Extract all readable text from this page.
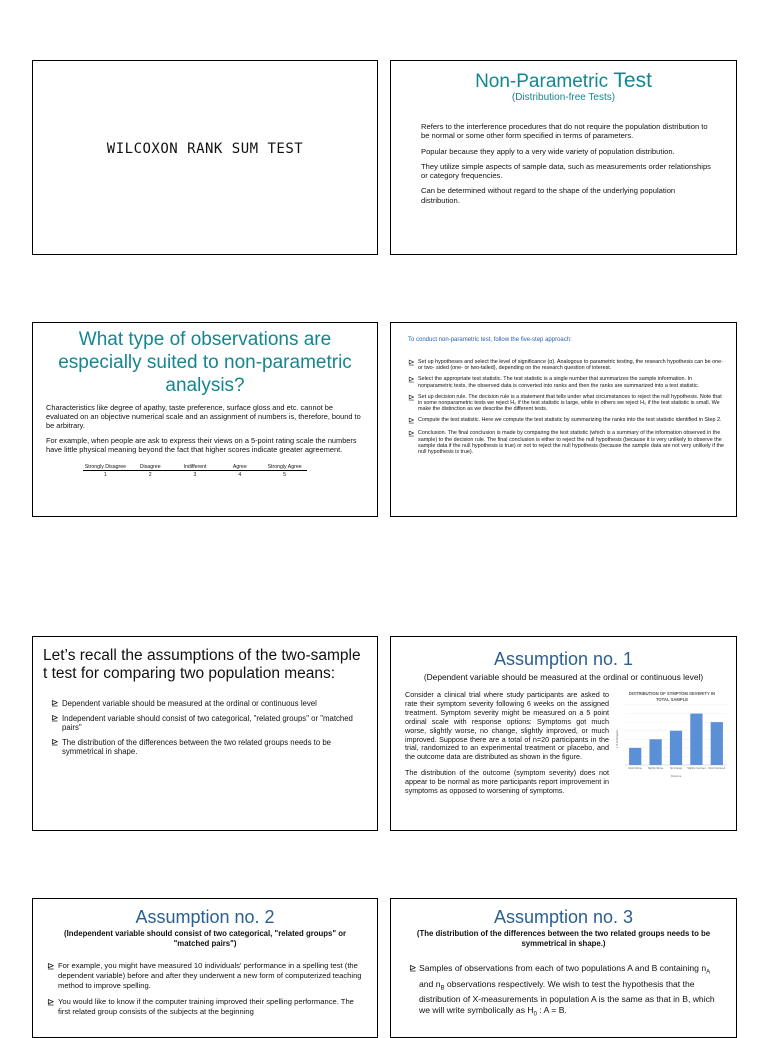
WILCOXON RANK SUM TEST
Non-Parametric Test
(Distribution-free Tests)

Refers to the interference procedures that do not require the population distribution to be normal or some other form specified in terms of parameters.

Popular because they apply to a very wide variety of population distribution.

They utilize simple aspects of sample data, such as measurements order relationships or category frequencies.

Can be determined without regard to the shape of the underlying population distribution.

What type of observations are especially suited to non-parametric analysis?

Characteristics like degree of apathy, taste preference, surface gloss and etc. cannot be evaluated on an objective numerical scale and an assignment of numbers is, therefore, bound to be arbitrary.

For example, when people are ask to express their views on a 5-point rating scale the numbers have little physical meaning beyond the fact that higher scores indicate greater agreement.

Strongly Disagree	Disagree	Indifferent	Agree	Strongly Agree
1	2	3	4	5
To conduct non-parametric test, follow the five-step approach:
⊵ Set up hypotheses and select the level of significance (α). Analogous to parametric testing, the research hypothesis can be one- or two- sided (one- or two-tailed), depending on the research question of interest.
⊵ Select the appropriate test statistic. The test statistic is a single number that summarizes the sample information. In nonparametric tests, the observed data is converted into ranks and then the ranks are summarized into a test statistic.
⊵ Set up decision rule. The decision rule is a statement that tells under what circumstances to reject the null hypothesis. Note that in some nonparametric tests we reject H₀ if the test statistic is large, while in others we reject H₀ if the test statistic is small. We make the distinction as we describe the different tests.
⊵ Compute the test statistic. Here we compute the test statistic by summarizing the ranks into the test statistic identified in Step 2.
⊵ Conclusion. The final conclusion is made by comparing the test statistic (which is a summary of the information observed in the sample) to the decision rule. The final conclusion is either to reject the null hypothesis (because it is very unlikely to observe the sample data if the null hypothesis is true) or not to reject the null hypothesis (because the sample data are not very unlikely if the null hypothesis is true).
Let’s recall the assumptions of the two-sample t test for comparing two population means:
⊵ Dependent variable should be measured at the ordinal or continuous level
⊵ Independent variable should consist of two categorical, "related groups" or "matched pairs"
⊵ The distribution of the differences between the two related groups needs to be symmetrical in shape.
Assumption no. 1
(Dependent variable should be measured at the ordinal or continuous level)

Consider a clinical trial where study participants are asked to rate their symptom severity following 6 weeks on the assigned treatment. Symptom severity might be measured on a 5 point ordinal scale with response options: Symptoms got much worse, slightly worse, no change, slightly improved, or much improved. Suppose there are a total of n=20 participants in the trial, randomized to an experimental treatment or placebo, and the outcome data are distributed as shown in the figure.

The distribution of the outcome (symptom severity) does not appear to be normal as more participants report improvement in symptoms as opposed to worsening of symptoms.

DISTRIBUTION OF SYMPTOM SEVERITY IN
TOTAL SAMPLE
Much Worse	Slightly Worse	No Change Slightly Improved Much Improved
Outcome
# of Participants
Assumption no. 2
(Independent variable should consist of two categorical, "related groups" or "matched pairs")
⊵ For example, you might have measured 10 individuals' performance in a spelling test (the dependent variable) before and after they underwent a new form of computerized teaching method to improve spelling.
⊵ You would like to know if the computer training improved their spelling performance. The first related group consists of the subjects at the beginning
Assumption no. 3
(The distribution of the differences between the two related groups needs to be symmetrical in shape.)
⊵ Samples of observations from each of two populations A and B containing $n_A$ and $n_B$ observations respectively. We wish to test the hypothesis that the distribution of X-measurements in population A is the same as that in B, which we will write symbolically as $H_0$ : A = B.
